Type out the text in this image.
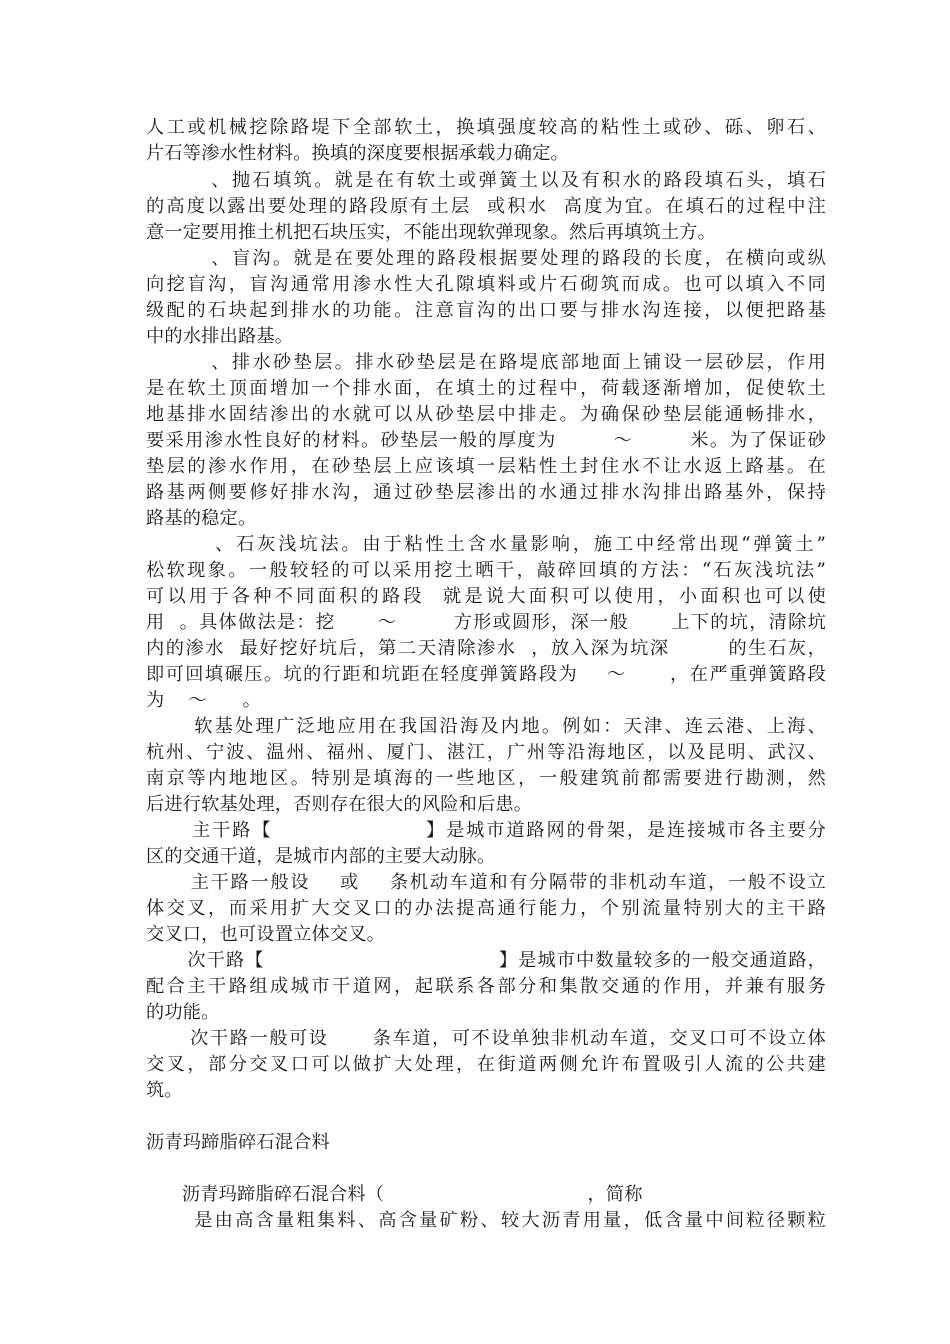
人工或机械挖除路堤下全部软土，换填强度较高的粘性土或砂、砾、卵石、
片石等渗水性材料。换填的深度要根据承载力确定。
、抛石填筑。就是在有软土或弹簧土以及有积水的路段填石头，填石
的高度以露出要处理的路段原有土层  或积水  高度为宜。在填石的过程中注
意一定要用推土机把石块压实，不能出现软弹现象。然后再填筑土方。
、盲沟。就是在要处理的路段根据要处理的路段的长度，在横向或纵
向挖盲沟，盲沟通常用渗水性大孔隙填料或片石砌筑而成。也可以填入不同
级配的石块起到排水的功能。注意盲沟的出口要与排水沟连接，以便把路基
中的水排出路基。
、排水砂垫层。排水砂垫层是在路堤底部地面上铺设一层砂层，作用
是在软土顶面增加一个排水面，在填土的过程中，荷载逐渐增加，促使软土
地基排水固结渗出的水就可以从砂垫层中排走。为确保砂垫层能通畅排水，
要采用渗水性良好的材料。砂垫层一般的厚度为        ～        米。为了保证砂
垫层的渗水作用，在砂垫层上应该填一层粘性土封住水不让水返上路基。在
路基两侧要修好排水沟，通过砂垫层渗出的水通过排水沟排出路基外，保持
路基的稳定。
、石灰浅坑法。由于粘性土含水量影响，施工中经常出现“弹簧土”
松软现象。一般较轻的可以采用挖土晒干，敲碎回填的方法：“石灰浅坑法”
可以用于各种不同面积的路段  就是说大面积可以使用，小面积也可以使
用  。具体做法是：挖      ～        方形或圆形，深一般      上下的坑，清除坑
内的渗水  最好挖好坑后，第二天清除渗水  ，放入深为坑深        的生石灰，
即可回填碾压。坑的行距和坑距在轻度弹簧路段为    ～      ，在严重弹簧路段
为    ～      。
软基处理广泛地应用在我国沿海及内地。例如：天津、连云港、上海、
杭州、宁波、温州、福州、厦门、湛江，广州等沿海地区，以及昆明、武汉、
南京等内地地区。特别是填海的一些地区，一般建筑前都需要进行勘测，然
后进行软基处理，否则存在很大的风险和后患。
主干路【                    】是城市道路网的骨架，是连接城市各主要分
区的交通干道，是城市内部的主要大动脉。
主干路一般设    或    条机动车道和有分隔带的非机动车道，一般不设立
体交叉，而采用扩大交叉口的办法提高通行能力，个别流量特别大的主干路
交叉口，也可设置立体交叉。
次干路【                                  】是城市中数量较多的一般交通道路，
配合主干路组成城市干道网，起联系各部分和集散交通的作用，并兼有服务
的功能。
次干路一般可设      条车道，可不设单独非机动车道，交叉口可不设立体
交叉，部分交叉口可以做扩大处理，在街道两侧允许布置吸引人流的公共建
筑。
沥青玛蹄脂碎石混合料
沥青玛蹄脂碎石混合料（                                  ，简称
是由高含量粗集料、高含量矿粉、较大沥青用量，低含量中间粒径颗粒
